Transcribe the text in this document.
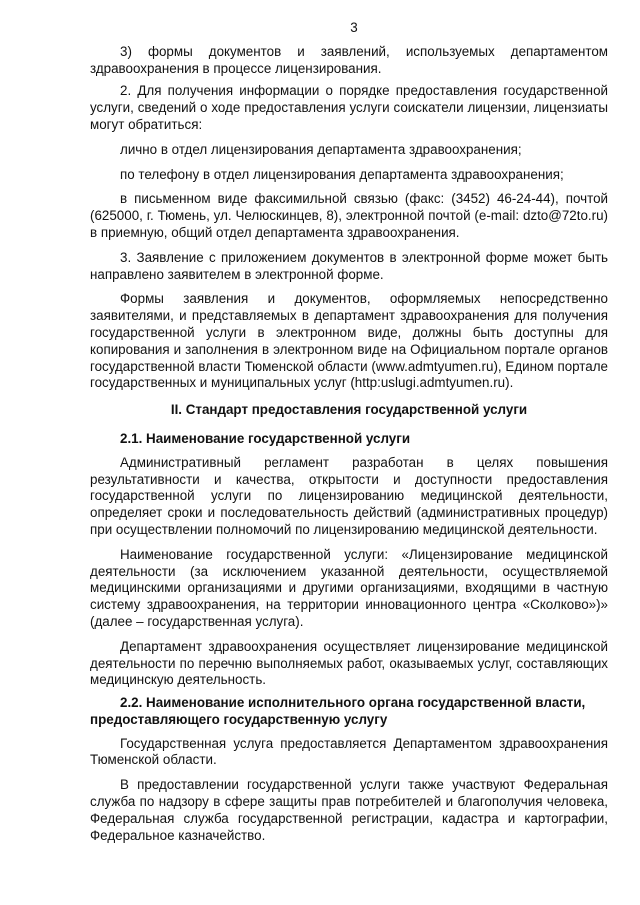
3

3) формы документов и заявлений, используемых департаментом здравоохранения в процессе лицензирования.

2. Для получения информации о порядке предоставления государственной услуги, сведений о ходе предоставления услуги соискатели лицензии, лицензиаты могут обратиться:

лично в отдел лицензирования департамента здравоохранения;

по телефону в отдел лицензирования департамента здравоохранения;

в письменном виде факсимильной связью (факс: (3452) 46-24-44), почтой (625000, г. Тюмень, ул. Челюскинцев, 8), электронной почтой (e-mail: dzto@72to.ru) в приемную, общий отдел департамента здравоохранения.

3. Заявление с приложением документов в электронной форме может быть направлено заявителем в электронной форме.

Формы заявления и документов, оформляемых непосредственно заявителями, и представляемых в департамент здравоохранения для получения государственной услуги в электронном виде, должны быть доступны для копирования и заполнения в электронном виде на Официальном портале органов государственной власти Тюменской области (www.admtyumen.ru), Едином портале государственных и муниципальных услуг (http:uslugi.admtyumen.ru).

II. Стандарт предоставления государственной услуги
2.1. Наименование государственной услуги

Административный регламент разработан в целях повышения результативности и качества, открытости и доступности предоставления государственной услуги по лицензированию медицинской деятельности, определяет сроки и последовательность действий (административных процедур) при осуществлении полномочий по лицензированию медицинской деятельности.

Наименование государственной услуги: «Лицензирование медицинской деятельности (за исключением указанной деятельности, осуществляемой медицинскими организациями и другими организациями, входящими в частную систему здравоохранения, на территории инновационного центра «Сколково»)» (далее – государственная услуга).

Департамент здравоохранения осуществляет лицензирование медицинской деятельности по перечню выполняемых работ, оказываемых услуг, составляющих медицинскую деятельность.

2.2. Наименование исполнительного органа государственной власти, предоставляющего государственную услугу

Государственная услуга предоставляется Департаментом здравоохранения Тюменской области.

В предоставлении государственной услуги также участвуют Федеральная служба по надзору в сфере защиты прав потребителей и благополучия человека, Федеральная служба государственной регистрации, кадастра и картографии, Федеральное казначейство.
